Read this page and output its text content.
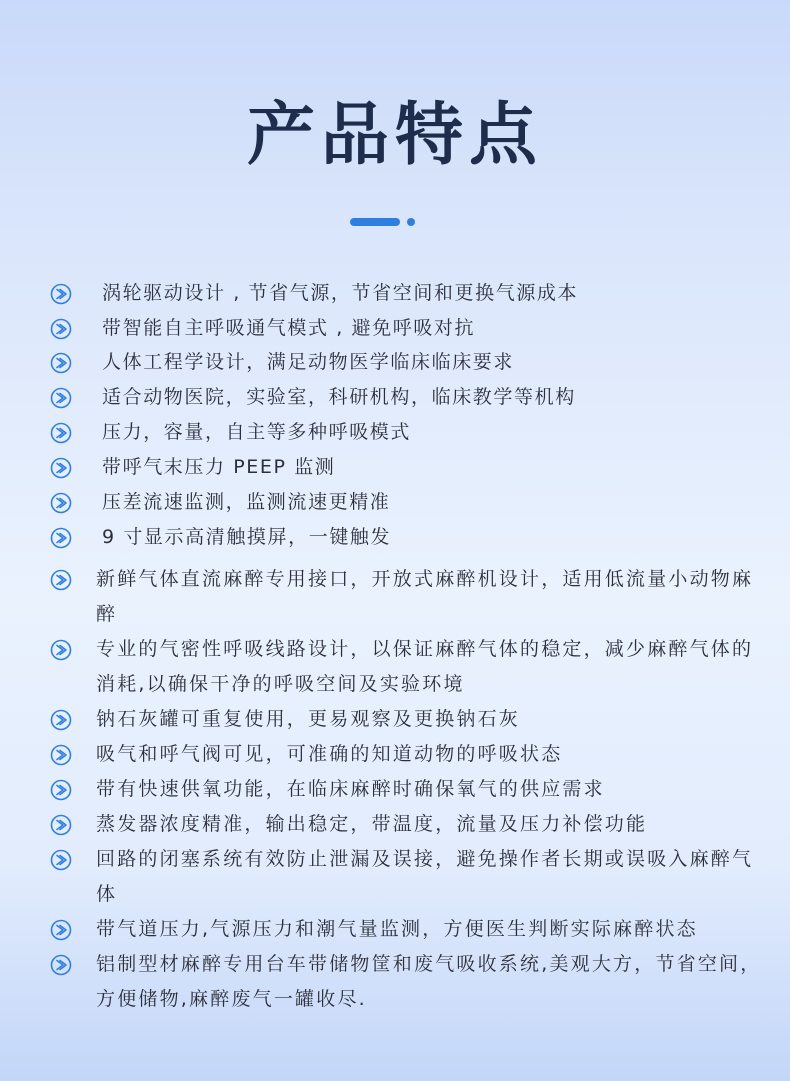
产品特点
涡轮驱动设计 , 节省气源，节省空间和更换气源成本
带智能自主呼吸通气模式 , 避免呼吸对抗
人体工程学设计，满足动物医学临床临床要求
适合动物医院，实验室，科研机构，临床教学等机构
压力，容量，自主等多种呼吸模式
带呼气末压力 PEEP 监测
压差流速监测，监测流速更精准
9 寸显示高清触摸屏，一键触发
新鲜气体直流麻醉专用接口，开放式麻醉机设计，适用低流量小动物麻醉
专业的气密性呼吸线路设计，以保证麻醉气体的稳定，减少麻醉气体的消耗,以确保干净的呼吸空间及实验环境
钠石灰罐可重复使用，更易观察及更换钠石灰
吸气和呼气阀可见，可准确的知道动物的呼吸状态
带有快速供氧功能，在临床麻醉时确保氧气的供应需求
蒸发器浓度精准，输出稳定，带温度，流量及压力补偿功能
回路的闭塞系统有效防止泄漏及误接，避免操作者长期或误吸入麻醉气体
带气道压力,气源压力和潮气量监测，方便医生判断实际麻醉状态
铝制型材麻醉专用台车带储物筐和废气吸收系统,美观大方，节省空间，方便储物,麻醉废气一罐收尽.
